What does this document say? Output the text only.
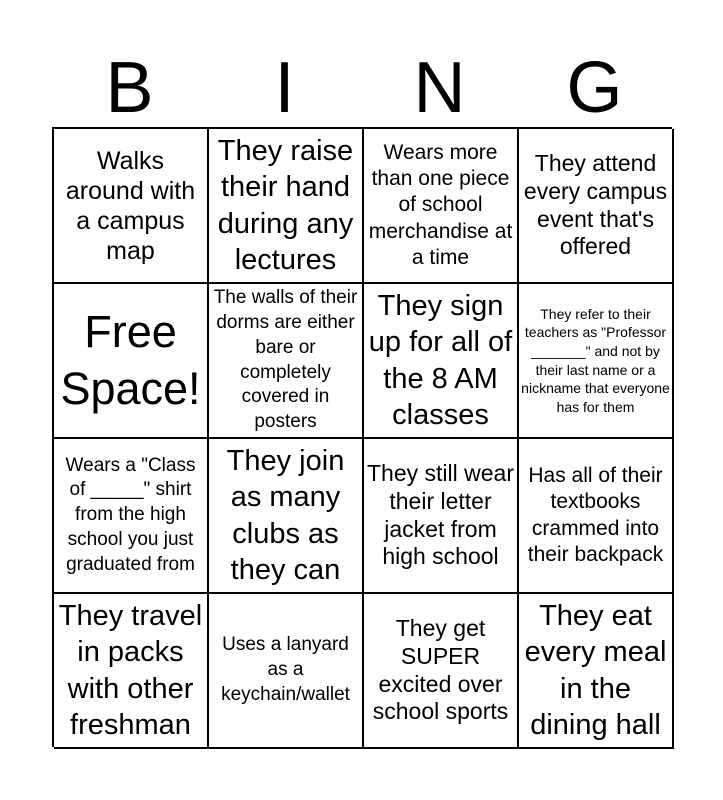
B	I	N	G
Walks around with a campus map
They raise their hand during any lectures
Wears more than one piece of school merchandise at a time
They attend every campus event that's offered
Free Space!
The walls of their dorms are either bare or completely covered in posters
They sign up for all of the 8 AM classes
They refer to their teachers as "Professor _______" and not by their last name or a nickname that everyone has for them
Wears a "Class of _____" shirt from the high school you just graduated from
They join as many clubs as they can
They still wear their letter jacket from high school
Has all of their textbooks crammed into their backpack
They travel in packs with other freshman
Uses a lanyard as a keychain/wallet
They get SUPER excited over school sports
They eat every meal in the dining hall
